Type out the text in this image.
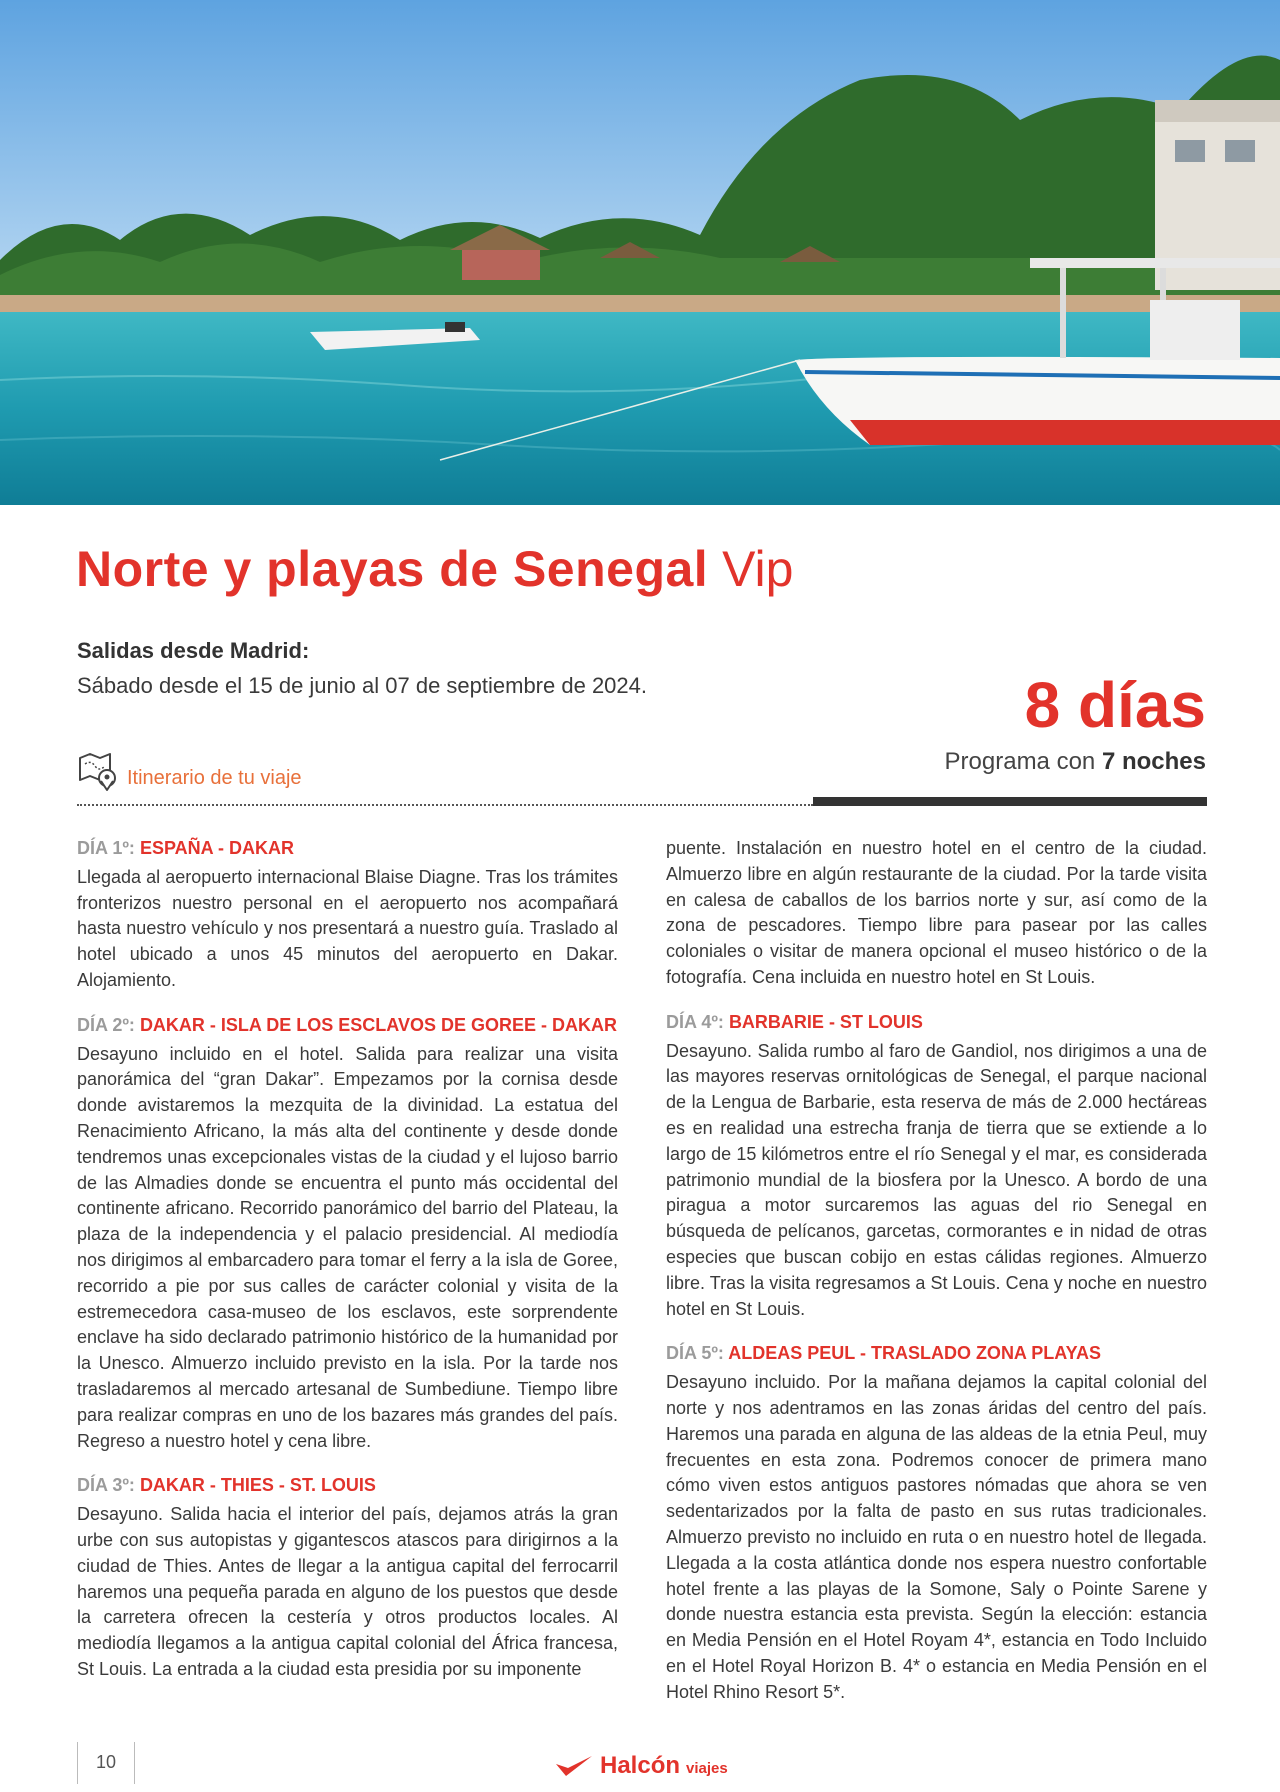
Norte y playas de Senegal Vip
Salidas desde Madrid:
Sábado desde el 15 de junio al 07 de septiembre de 2024.	8 días
Programa con 7 noches
Itinerario de tu viaje
DÍA 1º: ESPAÑA - DAKAR

Llegada al aeropuerto internacional Blaise Diagne. Tras los trámites fronterizos nuestro personal en el aeropuerto nos acompañará hasta nuestro vehículo y nos presentará a nuestro guía. Traslado al hotel ubicado a unos 45 minutos del aeropuerto en Dakar. Alojamiento.

DÍA 2º: DAKAR - ISLA DE LOS ESCLAVOS DE GOREE - DAKAR

Desayuno incluido en el hotel. Salida para realizar una visita panorámica del “gran Dakar”. Empezamos por la cornisa desde donde avistaremos la mezquita de la divinidad. La estatua del Renacimiento Africano, la más alta del continente y desde donde tendremos unas excepcionales vistas de la ciudad y el lujoso barrio de las Almadies donde se encuentra el punto más occidental del continente africano. Recorrido panorámico del barrio del Plateau, la plaza de la independencia y el palacio presidencial. Al mediodía nos dirigimos al embarcadero para tomar el ferry a la isla de Goree, recorrido a pie por sus calles de carácter colonial y visita de la estremecedora casa-museo de los esclavos, este sorprendente enclave ha sido declarado patrimonio histórico de la humanidad por la Unesco. Almuerzo incluido previsto en la isla. Por la tarde nos trasladaremos al mercado artesanal de Sumbediune. Tiempo libre para realizar compras en uno de los bazares más grandes del país. Regreso a nuestro hotel y cena libre.

DÍA 3º: DAKAR - THIES - ST. LOUIS

Desayuno. Salida hacia el interior del país, dejamos atrás la gran urbe con sus autopistas y gigantescos atascos para dirigirnos a la ciudad de Thies. Antes de llegar a la antigua capital del ferrocarril haremos una pequeña parada en alguno de los puestos que desde la carretera ofrecen la cestería y otros productos locales. Al mediodía llegamos a la antigua capital colonial del África francesa, St Louis. La entrada a la ciudad esta presidia por su imponente

puente. Instalación en nuestro hotel en el centro de la ciudad. Almuerzo libre en algún restaurante de la ciudad. Por la tarde visita en calesa de caballos de los barrios norte y sur, así como de la zona de pescadores. Tiempo libre para pasear por las calles coloniales o visitar de manera opcional el museo histórico o de la fotografía. Cena incluida en nuestro hotel en St Louis.

DÍA 4º: BARBARIE - ST LOUIS

Desayuno. Salida rumbo al faro de Gandiol, nos dirigimos a una de las mayores reservas ornitológicas de Senegal, el parque nacional de la Lengua de Barbarie, esta reserva de más de 2.000 hectáreas es en realidad una estrecha franja de tierra que se extiende a lo largo de 15 kilómetros entre el río Senegal y el mar, es considerada patrimonio mundial de la biosfera por la Unesco. A bordo de una piragua a motor surcaremos las aguas del rio Senegal en búsqueda de pelícanos, garcetas, cormorantes e in nidad de otras especies que buscan cobijo en estas cálidas regiones. Almuerzo libre. Tras la visita regresamos a St Louis. Cena y noche en nuestro hotel en St Louis.

DÍA 5º: ALDEAS PEUL - TRASLADO ZONA PLAYAS

Desayuno incluido. Por la mañana dejamos la capital colonial del norte y nos adentramos en las zonas áridas del centro del país. Haremos una parada en alguna de las aldeas de la etnia Peul, muy frecuentes en esta zona. Podremos conocer de primera mano cómo viven estos antiguos pastores nómadas que ahora se ven sedentarizados por la falta de pasto en sus rutas tradicionales. Almuerzo previsto no incluido en ruta o en nuestro hotel de llegada. Llegada a la costa atlántica donde nos espera nuestro confortable hotel frente a las playas de la Somone, Saly o Pointe Sarene y donde nuestra estancia esta prevista. Según la elección: estancia en Media Pensión en el Hotel Royam 4*, estancia en Todo Incluido en el Hotel Royal Horizon B. 4* o estancia en Media Pensión en el Hotel Rhino Resort 5*.

10	Halcón viajes
